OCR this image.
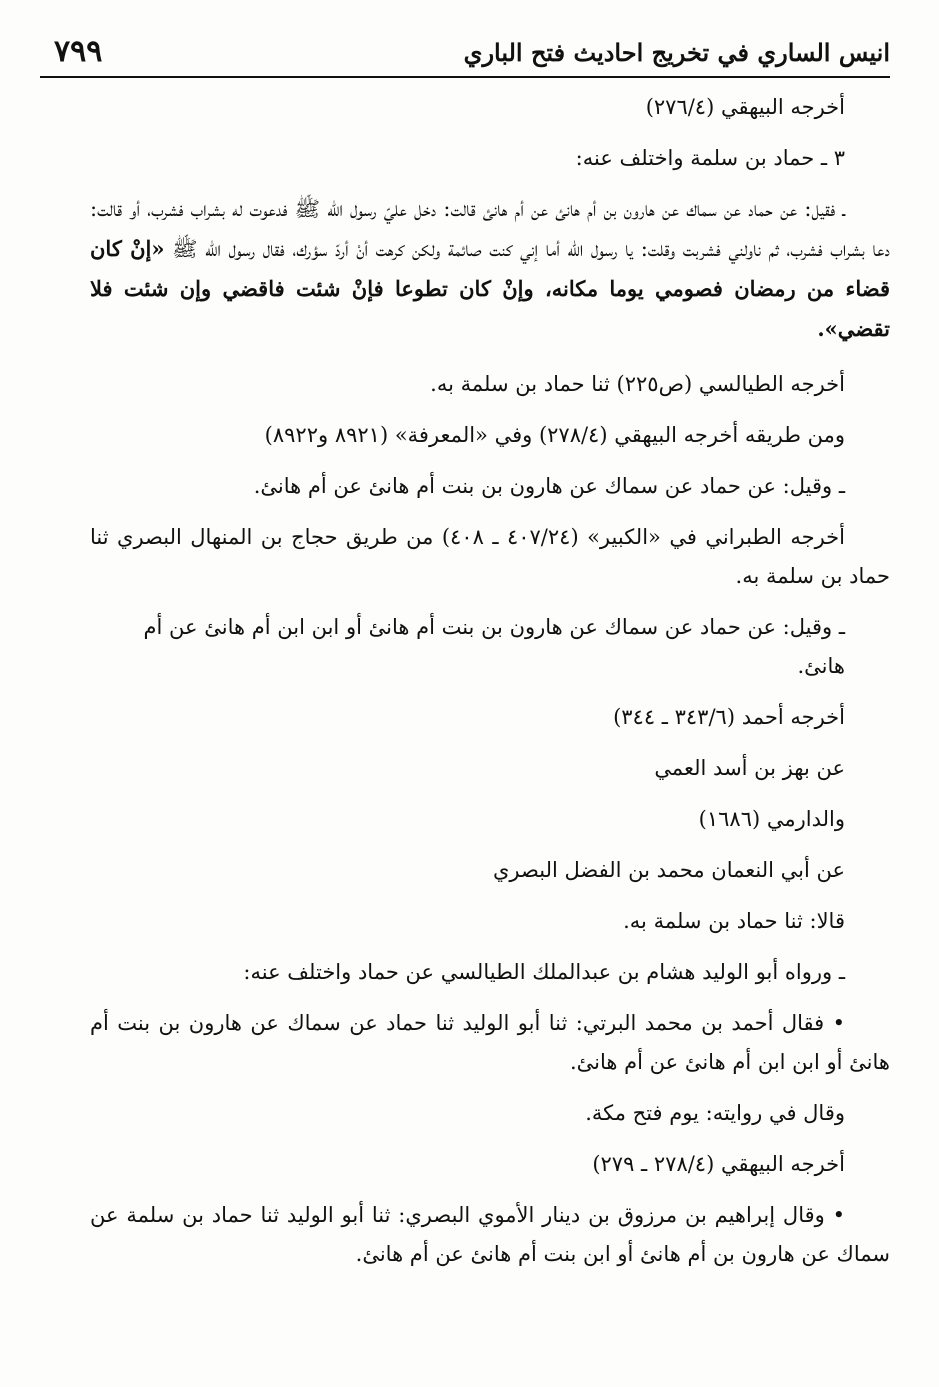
انيس الساري في تخريج احاديث فتح الباري
٧٩٩

أخرجه البيهقي (٢٧٦/٤)

٣ ـ حماد بن سلمة واختلف عنه:

ـ فقيل: عن حماد عن سماك عن هارون بن أم هانئ عن أم هانئ قالت: دخل عليّ رسول الله ﷺ فدعوت له بشراب فشرب، أو قالت: دعا بشراب فشرب، ثم ناولني فشربت وقلت: يا رسول الله أما إني كنت صائمة ولكن كرهت أنْ أردّ سؤرك، فقال رسول الله ﷺ «إنْ كان قضاء من رمضان فصومي يوما مكانه، وإنْ كان تطوعا فإنْ شئت فاقضي وإن شئت فلا تقضي».

أخرجه الطيالسي (ص٢٢٥) ثنا حماد بن سلمة به.

ومن طريقه أخرجه البيهقي (٢٧٨/٤) وفي «المعرفة» (٨٩٢١ و٨٩٢٢)

ـ وقيل: عن حماد عن سماك عن هارون بن بنت أم هانئ عن أم هانئ.

أخرجه الطبراني في «الكبير» (٤٠٧/٢٤ ـ ٤٠٨) من طريق حجاج بن المنهال البصري ثنا حماد بن سلمة به.

ـ وقيل: عن حماد عن سماك عن هارون بن بنت أم هانئ أو ابن ابن أم هانئ عن أم هانئ.

أخرجه أحمد (٣٤٣/٦ ـ ٣٤٤)

عن بهز بن أسد العمي

والدارمي (١٦٨٦)

عن أبي النعمان محمد بن الفضل البصري

قالا: ثنا حماد بن سلمة به.

ـ ورواه أبو الوليد هشام بن عبدالملك الطيالسي عن حماد واختلف عنه:

• فقال أحمد بن محمد البرتي: ثنا أبو الوليد ثنا حماد عن سماك عن هارون بن بنت أم هانئ أو ابن ابن أم هانئ عن أم هانئ.

وقال في روايته: يوم فتح مكة.

أخرجه البيهقي (٢٧٨/٤ ـ ٢٧٩)

• وقال إبراهيم بن مرزوق بن دينار الأموي البصري: ثنا أبو الوليد ثنا حماد بن سلمة عن سماك عن هارون بن أم هانئ أو ابن بنت أم هانئ عن أم هانئ.
